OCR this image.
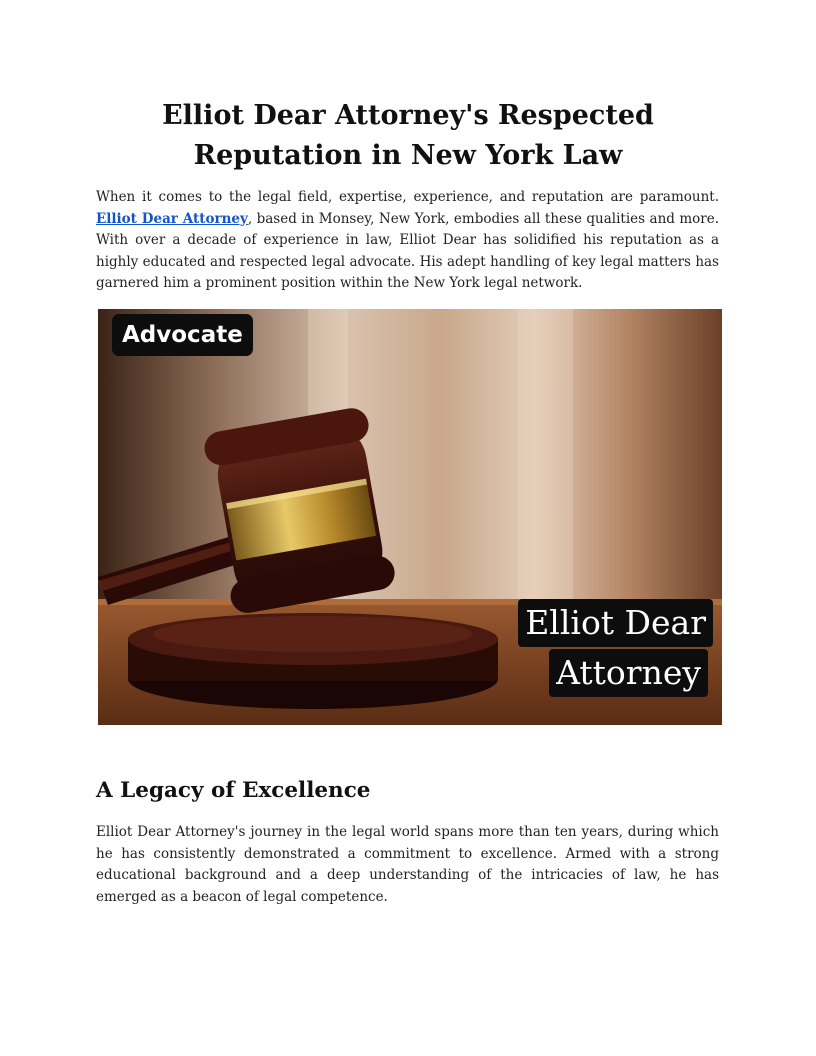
Elliot Dear Attorney's Respected Reputation in New York Law

When it comes to the legal field, expertise, experience, and reputation are paramount. Elliot Dear Attorney, based in Monsey, New York, embodies all these qualities and more. With over a decade of experience in law, Elliot Dear has solidified his reputation as a highly educated and respected legal advocate. His adept handling of key legal matters has garnered him a prominent position within the New York legal network.

Advocate
Elliot Dear
Attorney
A Legacy of Excellence

Elliot Dear Attorney's journey in the legal world spans more than ten years, during which he has consistently demonstrated a commitment to excellence. Armed with a strong educational background and a deep understanding of the intricacies of law, he has emerged as a beacon of legal competence.
